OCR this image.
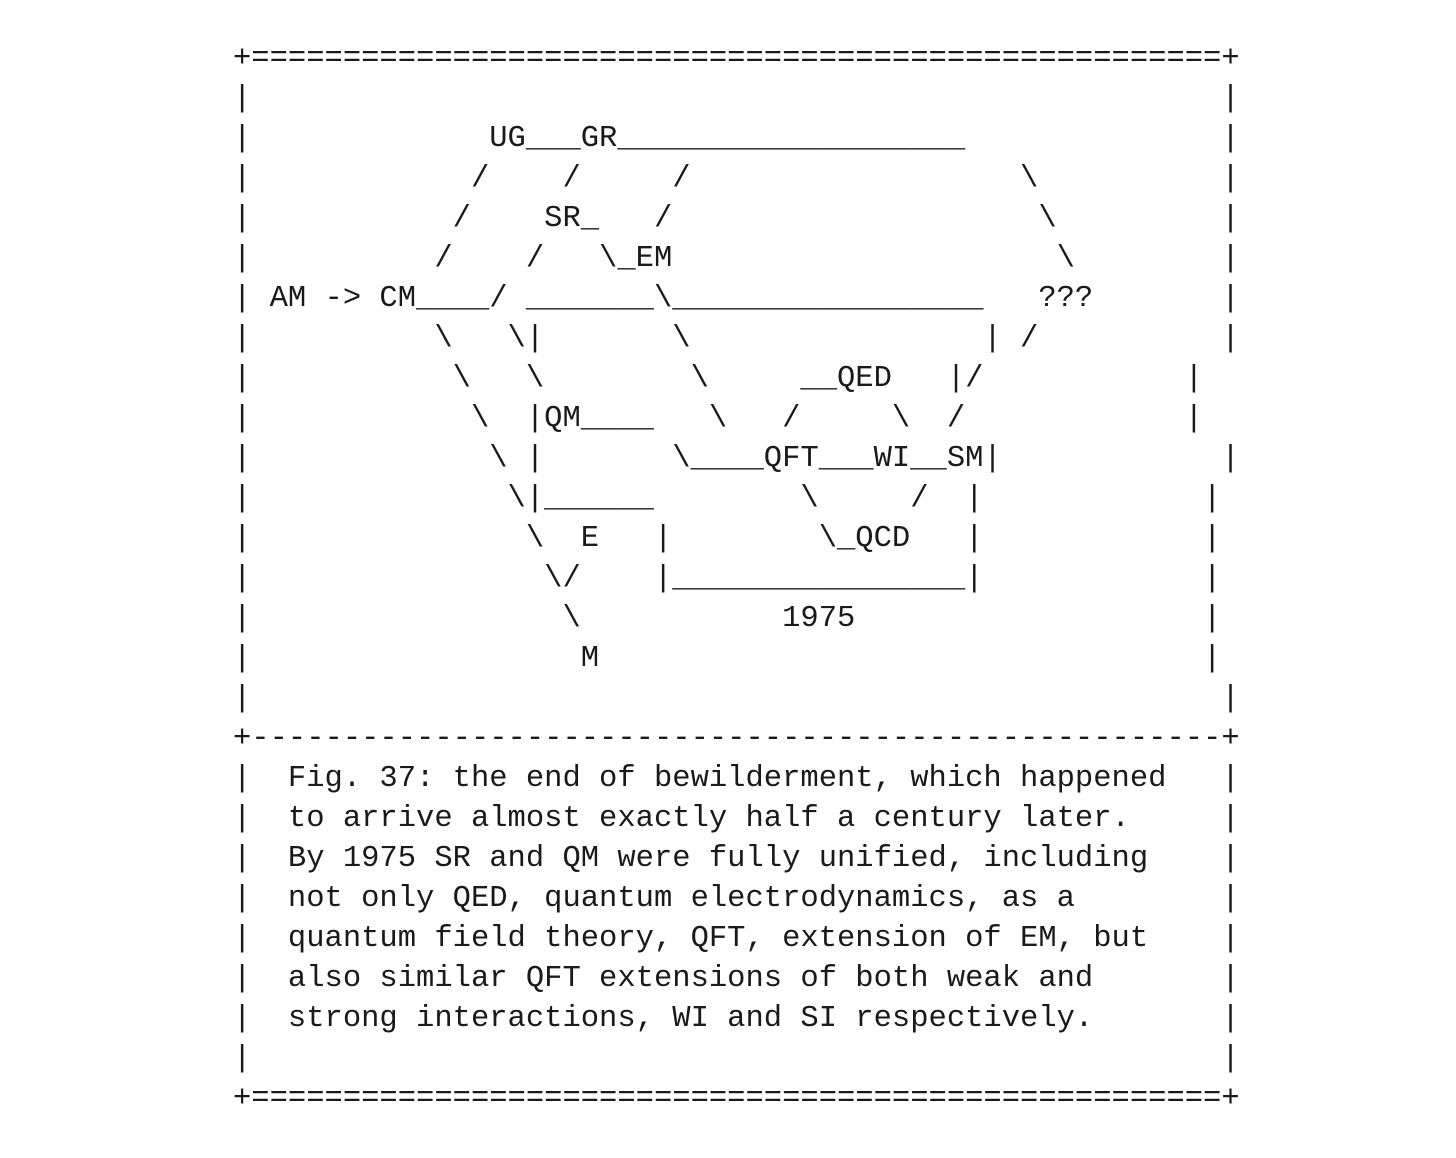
+=====================================================+
|                                                     |
|             UG___GR___________________              |
|            /    /     /                  \          |
|           /    SR_   /                    \         |
|          /    /   \_EM                     \        |
| AM -> CM____/ _______\_________________   ???       |
|          \   \|       \                | /          |
|           \   \        \     __QED   |/           |
|            \  |QM____   \   /     \  /            |
|             \ |       \____QFT___WI__SM|            |
|              \|______        \     /  |            |
|               \  E   |        \_QCD   |            |
|                \/    |________________|            |
|                 \           1975                   |
|                  M                                 |
|                                                     |
+-----------------------------------------------------+
|  Fig. 37: the end of bewilderment, which happened   |
|  to arrive almost exactly half a century later.     |
|  By 1975 SR and QM were fully unified, including    |
|  not only QED, quantum electrodynamics, as a        |
|  quantum field theory, QFT, extension of EM, but    |
|  also similar QFT extensions of both weak and       |
|  strong interactions, WI and SI respectively.       |
|                                                     |
+=====================================================+
